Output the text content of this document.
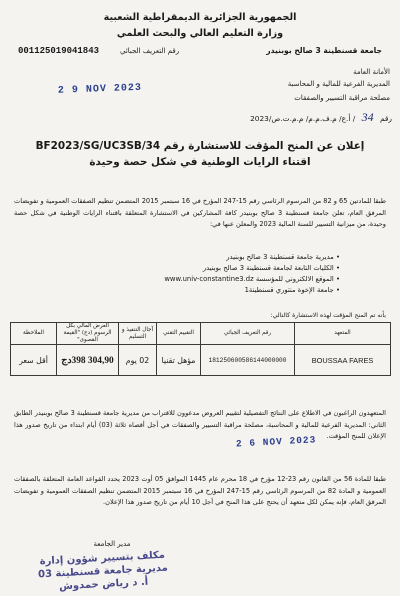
الجمهورية الجزائرية الديمقراطية الشعبية
وزارة التعليم العالي والبحث العلمي
001125019041843	رقم التعريف الجبائي	جامعة قسنطينة 3 صالح بوبنيدر
الأمانة العامة
المديرية الفرعية للمالية و المحاسبة
مصلحة مراقبة التسيير والصفقات
2 9 NOV 2023
رقم 34 / أ.ع/ م.ف.م.م/ م.م.ت.ص/2023
إعلان عن المنح المؤقت للاستشارة رقم BF2023/SG/UC3SB/34
اقتناء الرايات الوطنية في شكل حصة وحيدة
طبقا للمادتين 65 و 82 من المرسوم الرئاسي رقم 15-247 المؤرخ في 16 سبتمبر 2015 المتضمن تنظيم الصفقات العمومية و تفويضات المرفق العام، تعلن جامعة قسنطينة 3 صالح بوبنيدر كافة المشاركين في الاستشارة المتعلقة باقتناء الرايات الوطنية في شكل حصة وحيدة، من ميزانية التسيير للسنة المالية 2023 والمعلن عنها في:
• مديرية جامعة قسنطينة 3 صالح بوبنيدر
• الكليات التابعة لجامعة قسنطينة 3 صالح بوبنيدر
• الموقع الالكتروني للمؤسسة www.univ-constantine3.dz
• جامعة الإخوة منتوري قسنطينة1
بأنه تم المنح المؤقت لهذه الاستشارة كالتالي:
المتعهد	رقم التعريف الجبائي	التقييم التقني	آجال التنفيذ و التسليم	العرض المالي بكل الرسوم (دج) "القيمة القصوى"	الملاحظة
BOUSSAA FARES	181250600586144000000	مؤهل تقنيا	02 يوم	304,90 398دج	أقل سعر
المتعهدون الراغبون في الاطلاع على النتائج التفصيلية لتقييم العروض مدعوون للاقتراب من مديرية جامعة قسنطينة 3 صالح بوبنيدر الطابق الثاني: المديرية الفرعية للمالية و المحاسبة، مصلحة مراقبة التسيير والصفقات في أجل أقصاه ثلاثة (03) أيام ابتداء من تاريخ صدور هذا الإعلان للمنح المؤقت.
2 6 NOV 2023
طبقا للمادة 56 من القانون رقم 23-12 مؤرخ في 18 محرم عام 1445 الموافق 05 أوت 2023 يحدد القواعد العامة المتعلقة بالصفقات العمومية و المادة 82 من المرسوم الرئاسي رقم 15-247 المؤرخ في 16 سبتمبر 2015 المتضمن تنظيم الصفقات العمومية و تفويضات المرفق العام، فإنه يمكن لكل متعهد أن يحتج على هذا المنح في أجل 10 أيام من تاريخ صدور هذا الإعلان.
مدير الجامعة
مكلف بتسيير شؤون إدارة
مديرية جامعة قسنطينة 03
أ. د رياض حمدوش
